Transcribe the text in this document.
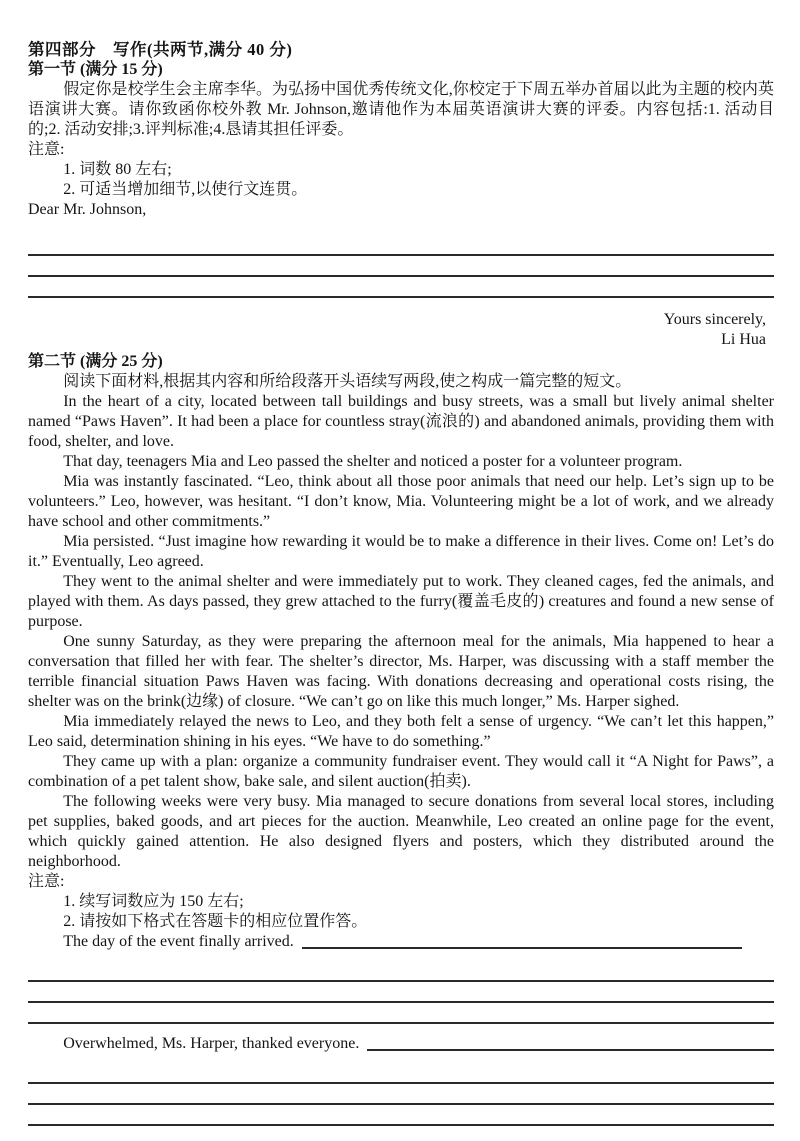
第四部分　写作(共两节,满分 40 分)
第一节 (满分 15 分)

假定你是校学生会主席李华。为弘扬中国优秀传统文化,你校定于下周五举办首届以此为主题的校内英语演讲大赛。请你致函你校外教 Mr. Johnson,邀请他作为本届英语演讲大赛的评委。内容包括:1. 活动目的;2. 活动安排;3.评判标准;4.恳请其担任评委。

注意:
1. 词数 80 左右;
2. 可适当增加细节,以使行文连贯。

Dear Mr. Johnson,

Yours sincerely,
Li Hua
第二节 (满分 25 分)

阅读下面材料,根据其内容和所给段落开头语续写两段,使之构成一篇完整的短文。

In the heart of a city, located between tall buildings and busy streets, was a small but lively animal shelter named “Paws Haven”. It had been a place for countless stray(流浪的) and abandoned animals, providing them with food, shelter, and love.

That day, teenagers Mia and Leo passed the shelter and noticed a poster for a volunteer program.

Mia was instantly fascinated. “Leo, think about all those poor animals that need our help. Let’s sign up to be volunteers.” Leo, however, was hesitant. “I don’t know, Mia. Volunteering might be a lot of work, and we already have school and other commitments.”

Mia persisted. “Just imagine how rewarding it would be to make a difference in their lives. Come on! Let’s do it.” Eventually, Leo agreed.

They went to the animal shelter and were immediately put to work. They cleaned cages, fed the animals, and played with them. As days passed, they grew attached to the furry(覆盖毛皮的) creatures and found a new sense of purpose.

One sunny Saturday, as they were preparing the afternoon meal for the animals, Mia happened to hear a conversation that filled her with fear. The shelter’s director, Ms. Harper, was discussing with a staff member the terrible financial situation Paws Haven was facing. With donations decreasing and operational costs rising, the shelter was on the brink(边缘) of closure. “We can’t go on like this much longer,” Ms. Harper sighed.

Mia immediately relayed the news to Leo, and they both felt a sense of urgency. “We can’t let this happen,” Leo said, determination shining in his eyes. “We have to do something.”

They came up with a plan: organize a community fundraiser event. They would call it “A Night for Paws”, a combination of a pet talent show, bake sale, and silent auction(拍卖).

The following weeks were very busy. Mia managed to secure donations from several local stores, including pet supplies, baked goods, and art pieces for the auction. Meanwhile, Leo created an online page for the event, which quickly gained attention. He also designed flyers and posters, which they distributed around the neighborhood.

注意:
1. 续写词数应为 150 左右;
2. 请按如下格式在答题卡的相应位置作答。
The day of the event finally arrived.
Overwhelmed, Ms. Harper, thanked everyone.
